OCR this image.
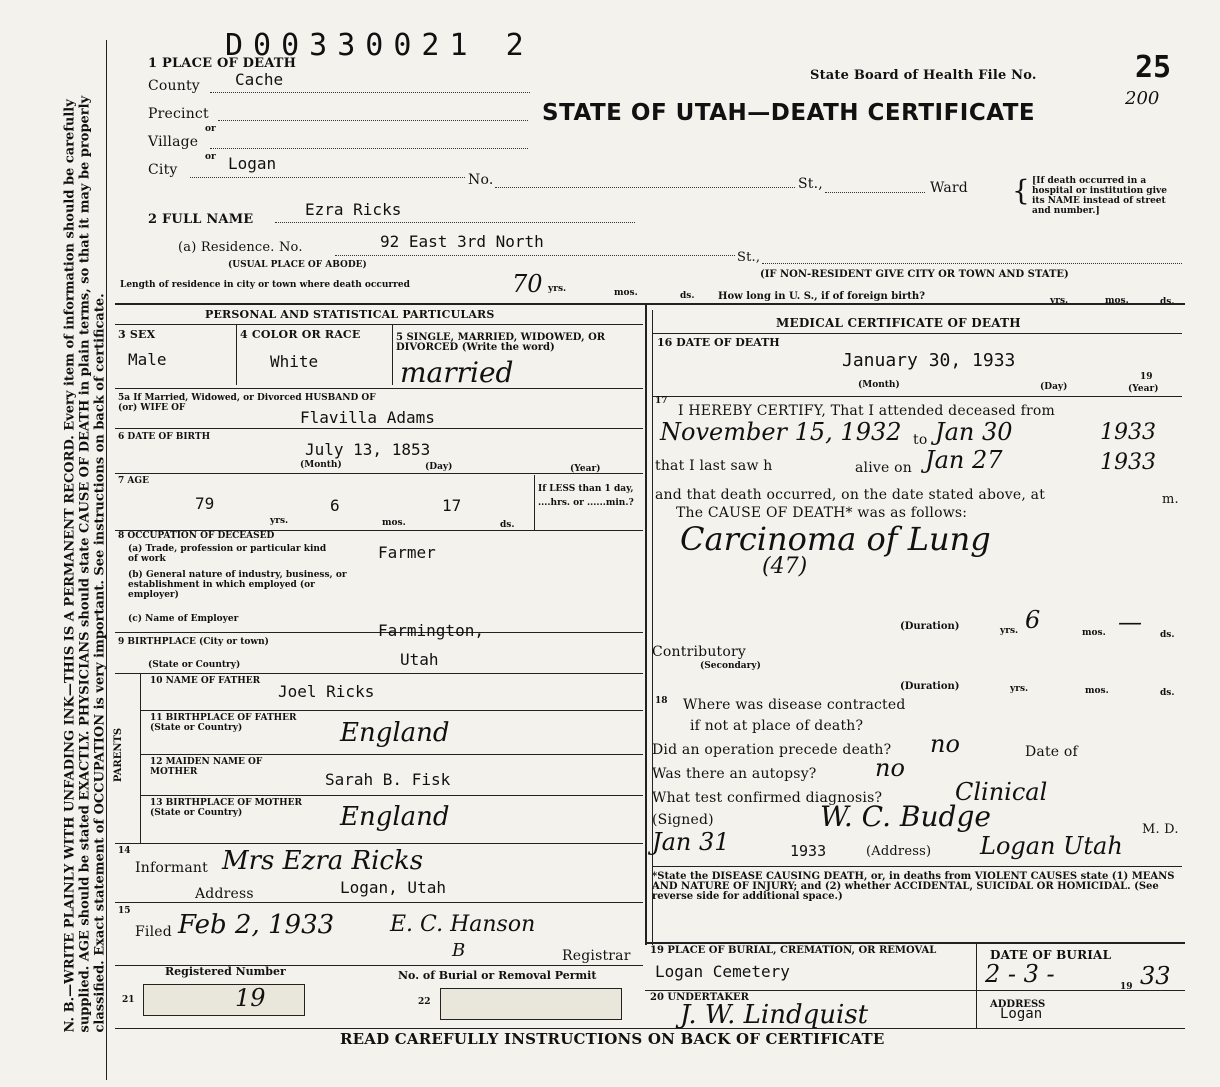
N. B.—WRITE PLAINLY WITH UNFADING INK—THIS IS A PERMANENT RECORD. Every item of information should be carefully supplied. AGE should be stated EXACTLY. PHYSICIANS should state CAUSE OF DEATH in plain terms, so that it may be properly classified. Exact statement of OCCUPATION is very important. See instructions on back of certificate.
D00330021 2
State Board of Health File No.	25
200
STATE OF UTAH—DEATH CERTIFICATE
1 PLACE OF DEATH
County Cache
Precinct
or
Village
or
City	Logan
No.	St.,	Ward { [If death occurred in a hospital or institution give its NAME instead of street and number.]
2 FULL NAME
Ezra Ricks
(a) Residence. No.	92 East 3rd North
St.,
(USUAL PLACE OF ABODE)
(IF NON-RESIDENT GIVE CITY OR TOWN AND STATE)
Length of residence in city or town where death occurred	70 yrs.	mos.	ds. How long in U. S., if of foreign birth?	yrs.	mos.	ds.
PERSONAL AND STATISTICAL PARTICULARS
3 SEX
Male
4 COLOR OR RACE
White
5 SINGLE, MARRIED, WIDOWED, OR DIVORCED (Write the word)
married
5a If Married, Widowed, or Divorced HUSBAND OF (or) WIFE OF	Flavilla Adams
6 DATE OF BIRTH
July 13, 1853
(Month)	(Day)	(Year)
7 AGE
79	6	17
yrs.	mos.	ds.
If LESS than 1 day, ....hrs. or ......min.?
8 OCCUPATION OF DECEASED
(a) Trade, profession or particular kind of work	Farmer
(b) General nature of industry, business, or establishment in which employed (or employer)
(c) Name of Employer
9 BIRTHPLACE (City or town)
Farmington,
(State or Country)	Utah
PARENTS
10 NAME OF FATHER
Joel Ricks
11 BIRTHPLACE OF FATHER (State or Country)	England
12 MAIDEN NAME OF MOTHER	Sarah B. Fisk
13 BIRTHPLACE OF MOTHER (State or Country)	England
14
Informant Mrs Ezra Ricks
Address	Logan, Utah
15
Filed Feb 2, 1933	E. C. Hanson
B	Registrar
Registered Number	No. of Burial or Removal Permit
21	19	22
MEDICAL CERTIFICATE OF DEATH
16 DATE OF DEATH
January 30, 1933
(Month)	(Day)
19
(Year)
17
I HEREBY CERTIFY, That I attended deceased from
November 15, 1932 to Jan 30	1933
that I last saw h	alive on Jan 27	1933
and that death occurred, on the date stated above, at	m.
The CAUSE OF DEATH* was as follows:
Carcinoma of Lung
(47)
(Duration)	yrs. 6	mos. — ds.
Contributory
(Secondary)
(Duration)	yrs.	mos.	ds.
18 Where was disease contracted
if not at place of death?
Did an operation precede death? no	Date of
Was there an autopsy? no
What test confirmed diagnosis?	Clinical
(Signed)	W. C. Budge	M. D.
Jan 31	1933	(Address) Logan Utah
*State the DISEASE CAUSING DEATH, or, in deaths from VIOLENT CAUSES state (1) MEANS AND NATURE OF INJURY; and (2) whether ACCIDENTAL, SUICIDAL OR HOMICIDAL. (See reverse side for additional space.)
19 PLACE OF BURIAL, CREMATION, OR REMOVAL
Logan Cemetery
DATE OF BURIAL
2 - 3 -	19 33
20 UNDERTAKER
J. W. Lindquist	ADDRESS
Logan
READ CAREFULLY INSTRUCTIONS ON BACK OF CERTIFICATE
